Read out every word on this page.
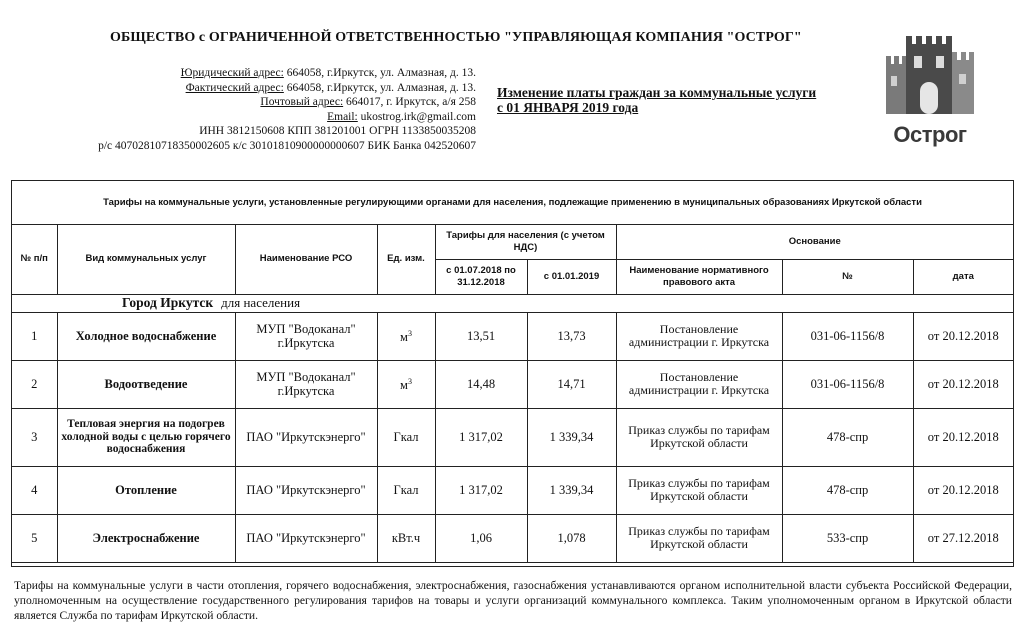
ОБЩЕСТВО с ОГРАНИЧЕННОЙ ОТВЕТСТВЕННОСТЬЮ "УПРАВЛЯЮЩАЯ КОМПАНИЯ "ОСТРОГ"
Юридический адрес: 664058, г.Иркутск, ул. Алмазная, д. 13.
Фактический адрес: 664058, г.Иркутск, ул. Алмазная, д. 13.
Почтовый адрес: 664017, г. Иркутск, а/я 258
Email: ukostrog.irk@gmail.com
ИНН 3812150608 КПП 381201001 ОГРН 1133850035208
р/с 40702810718350002605 к/с 30101810900000000607 БИК Банка 042520607
Изменение платы граждан за коммунальные услуги
с 01 ЯНВАРЯ 2019 года
Острог
Тарифы на коммунальные услуги, установленные регулирующими органами для населения, подлежащие применению в муниципальных образованиях Иркутской области
№ п/п	Вид коммунальных услуг	Наименование РСО	Ед. изм.	Тарифы для населения (с учетом НДС)		Основание		
				с 01.07.2018 по 31.12.2018	с 01.01.2019	Наименование нормативного правового акта	№	дата
Город Иркутск для населения								
1	Холодное водоснабжение	МУП "Водоканал" г.Иркутска	$м^3$	13,51	13,73	Постановление администрации г. Иркутска	031-06-1156/8	от 20.12.2018
2	Водоотведение	МУП "Водоканал" г.Иркутска	$м^3$	14,48	14,71	Постановление администрации г. Иркутска	031-06-1156/8	от 20.12.2018
3	Тепловая энергия на подогрев холодной воды с целью горячего водоснабжения	ПАО "Иркутскэнерго"	Гкал	1 317,02	1 339,34	Приказ службы по тарифам Иркутской области	478-спр	от 20.12.2018
4	Отопление	ПАО "Иркутскэнерго"	Гкал	1 317,02	1 339,34	Приказ службы по тарифам Иркутской области	478-спр	от 20.12.2018
5	Электроснабжение	ПАО "Иркутскэнерго"	кВт.ч	1,06	1,078	Приказ службы по тарифам Иркутской области	533-спр	от 27.12.2018
Тарифы на коммунальные услуги в части отопления, горячего водоснабжения, электроснабжения, газоснабжения устанавливаются органом исполнительной власти субъекта Российской Федерации, уполномоченным на осуществление государственного регулирования тарифов на товары и услуги организаций коммунального комплекса. Таким уполномоченным органом в Иркутской области является Служба по тарифам Иркутской области.
